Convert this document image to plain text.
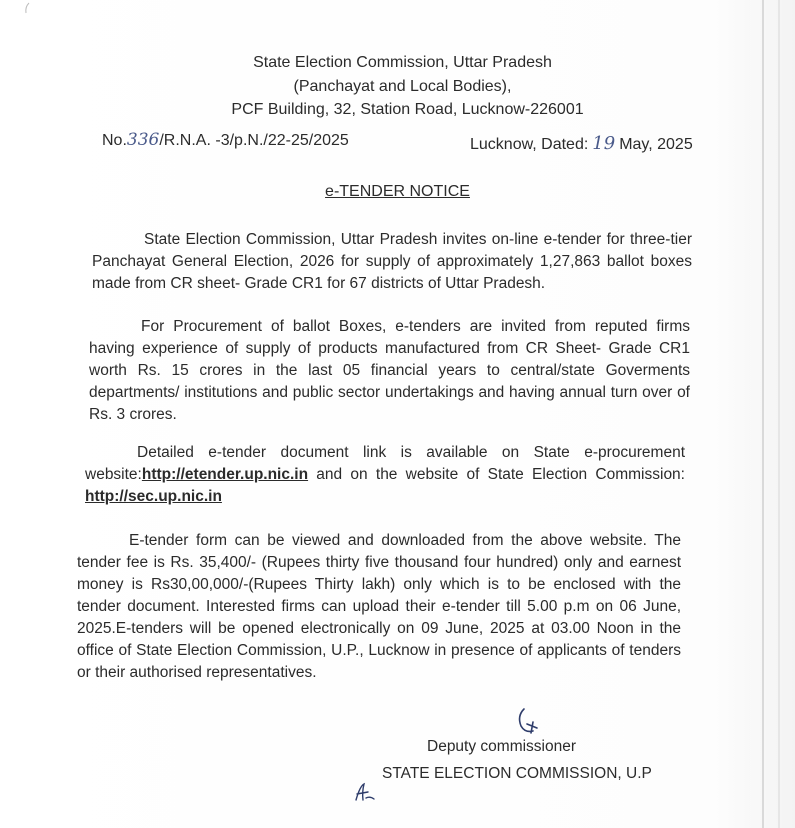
State Election Commission, Uttar Pradesh
(Panchayat and Local Bodies),
PCF Building, 32, Station Road, Lucknow-226001
No.336/R.N.A. -3/p.N./22-25/2025	Lucknow, Dated: 19 May, 2025
e-TENDER NOTICE

State Election Commission, Uttar Pradesh invites on-line e-tender for three-tier Panchayat General Election, 2026 for supply of approximately 1,27,863 ballot boxes made from CR sheet- Grade CR1 for 67 districts of Uttar Pradesh.

For Procurement of ballot Boxes, e-tenders are invited from reputed firms having experience of supply of products manufactured from CR Sheet- Grade CR1 worth Rs. 15 crores in the last 05 financial years to central/state Goverments departments/ institutions and public sector undertakings and having annual turn over of Rs. 3 crores.

Detailed e-tender document link is available on State e-procurement website:http://etender.up.nic.in and on the website of State Election Commission: http://sec.up.nic.in

E-tender form can be viewed and downloaded from the above website. The tender fee is Rs. 35,400/- (Rupees thirty five thousand four hundred) only and earnest money is Rs30,00,000/-(Rupees Thirty lakh) only which is to be enclosed with the tender document. Interested firms can upload their e-tender till 5.00 p.m on 06 June, 2025.E-tenders will be opened electronically on 09 June, 2025 at 03.00 Noon in the office of State Election Commission, U.P., Lucknow in presence of applicants of tenders or their authorised representatives.

Deputy commissioner
STATE ELECTION COMMISSION, U.P
